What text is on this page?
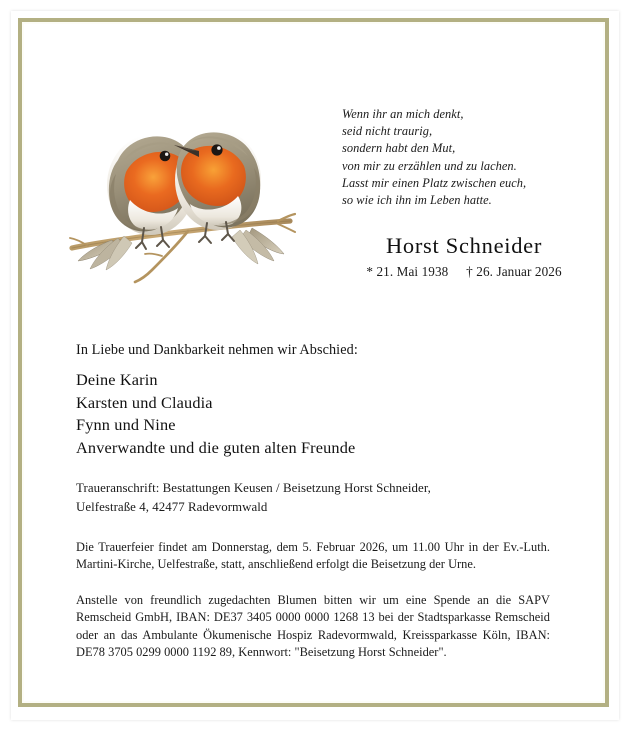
Wenn ihr an mich denkt,
seid nicht traurig,
sondern habt den Mut,
von mir zu erzählen und zu lachen.
Lasst mir einen Platz zwischen euch,
so wie ich ihn im Leben hatte.
Horst Schneider
* 21. Mai 1938 † 26. Januar 2026
In Liebe und Dankbarkeit nehmen wir Abschied:
Deine Karin
Karsten und Claudia
Fynn und Nine
Anverwandte und die guten alten Freunde
Traueranschrift: Bestattungen Keusen / Beisetzung Horst Schneider,
Uelfestraße 4, 42477 Radevormwald
Die Trauerfeier findet am Donnerstag, dem 5. Februar 2026, um 11.00 Uhr in der Ev.-Luth. Martini-Kirche, Uelfestraße, statt, anschließend erfolgt die Beisetzung der Urne.
Anstelle von freundlich zugedachten Blumen bitten wir um eine Spende an die SAPV Remscheid GmbH, IBAN: DE37 3405 0000 0000 1268 13 bei der Stadtsparkasse Remscheid oder an das Ambulante Ökumenische Hospiz Radevormwald, Kreissparkasse Köln, IBAN: DE78 3705 0299 0000 1192 89, Kennwort: "Beisetzung Horst Schneider".
